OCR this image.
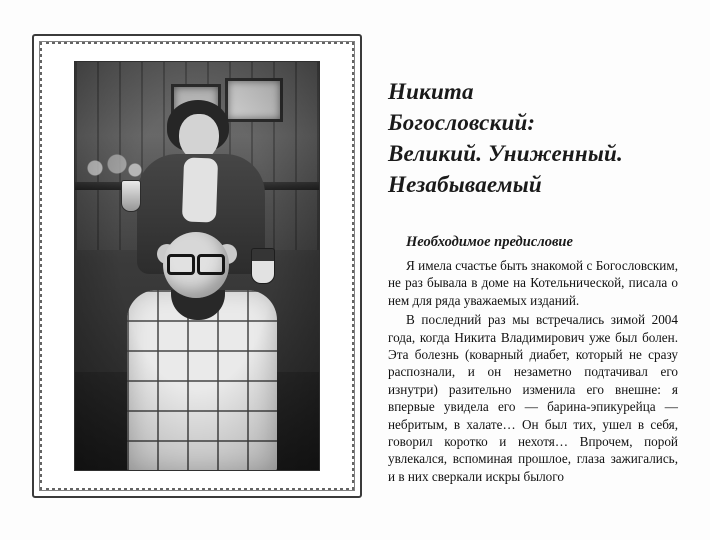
Никита
Богословский:
Великий. Униженный.
Незабываемый
Необходимое предисловие

Я имела счастье быть знакомой с Богословским, не раз бывала в доме на Котельнической, писала о нем для ряда уважаемых изданий.

В последний раз мы встречались зимой 2004 года, когда Никита Владимирович уже был болен. Эта болезнь (коварный диабет, который не сразу распознали, и он незаметно подтачивал его изнутри) разительно изменила его внешне: я впервые увидела его — барина-эпикурейца — небритым, в халате… Он был тих, ушел в себя, говорил коротко и нехотя… Впрочем, порой увлекался, вспоминая прошлое, глаза зажигались, и в них сверкали искры былого
